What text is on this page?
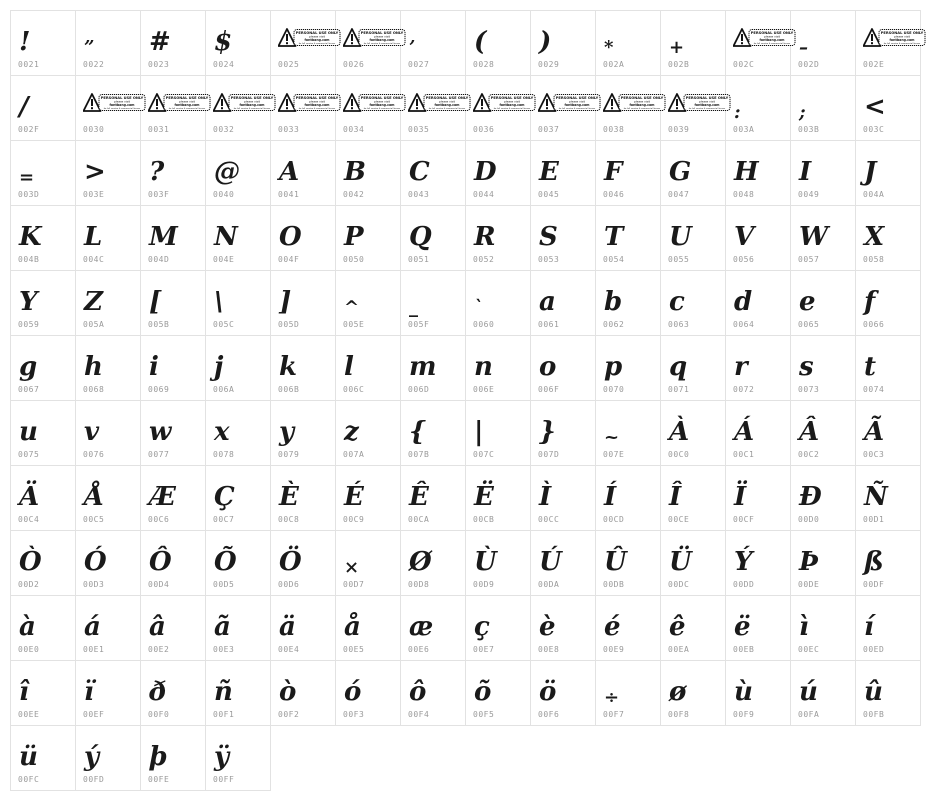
!
0021
”
0022
#
0023
$
0024
PERSONAL USE ONLY
please visit
fontbang.com
for full version & commercial license
0025
PERSONAL USE ONLY
please visit
fontbang.com
for full version & commercial license
0026
’
0027
(
0028
)
0029
*
002A
+
002B
PERSONAL USE ONLY
please visit
fontbang.com
for full version & commercial license
002C
–
002D
PERSONAL USE ONLY
please visit
fontbang.com
for full version & commercial license
002E
/
002F
PERSONAL USE ONLY
please visit
fontbang.com
for full version & commercial license
0030
PERSONAL USE ONLY
please visit
fontbang.com
for full version & commercial license
0031
PERSONAL USE ONLY
please visit
fontbang.com
for full version & commercial license
0032
PERSONAL USE ONLY
please visit
fontbang.com
for full version & commercial license
0033
PERSONAL USE ONLY
please visit
fontbang.com
for full version & commercial license
0034
PERSONAL USE ONLY
please visit
fontbang.com
for full version & commercial license
0035
PERSONAL USE ONLY
please visit
fontbang.com
for full version & commercial license
0036
PERSONAL USE ONLY
please visit
fontbang.com
for full version & commercial license
0037
PERSONAL USE ONLY
please visit
fontbang.com
for full version & commercial license
0038
PERSONAL USE ONLY
please visit
fontbang.com
for full version & commercial license
0039
:
003A
;
003B
<
003C
=
003D
>
003E
?
003F
@
0040
A
0041
B
0042
C
0043
D
0044
E
0045
F
0046
G
0047
H
0048
I
0049
J
004A
K
004B
L
004C
M
004D
N
004E
O
004F
P
0050
Q
0051
R
0052
S
0053
T
0054
U
0055
V
0056
W
0057
X
0058
Y
0059
Z
005A
[
005B
\
005C
]
005D
^
005E
_
005F
`
0060
a
0061
b
0062
c
0063
d
0064
e
0065
f
0066
g
0067
h
0068
i
0069
j
006A
k
006B
l
006C
m
006D
n
006E
o
006F
p
0070
q
0071
r
0072
s
0073
t
0074
u
0075
v
0076
w
0077
x
0078
y
0079
z
007A
{
007B
|
007C
}
007D
~
007E
À
00C0
Á
00C1
Â
00C2
Ã
00C3
Ä
00C4
Å
00C5
Æ
00C6
Ç
00C7
È
00C8
É
00C9
Ê
00CA
Ë
00CB
Ì
00CC
Í
00CD
Î
00CE
Ï
00CF
Ð
00D0
Ñ
00D1
Ò
00D2
Ó
00D3
Ô
00D4
Õ
00D5
Ö
00D6
×
00D7
Ø
00D8
Ù
00D9
Ú
00DA
Û
00DB
Ü
00DC
Ý
00DD
Þ
00DE
ß
00DF
à
00E0
á
00E1
â
00E2
ã
00E3
ä
00E4
å
00E5
æ
00E6
ç
00E7
è
00E8
é
00E9
ê
00EA
ë
00EB
ì
00EC
í
00ED
î
00EE
ï
00EF
ð
00F0
ñ
00F1
ò
00F2
ó
00F3
ô
00F4
õ
00F5
ö
00F6
÷
00F7
ø
00F8
ù
00F9
ú
00FA
û
00FB
ü
00FC
ý
00FD
þ
00FE
ÿ
00FF
